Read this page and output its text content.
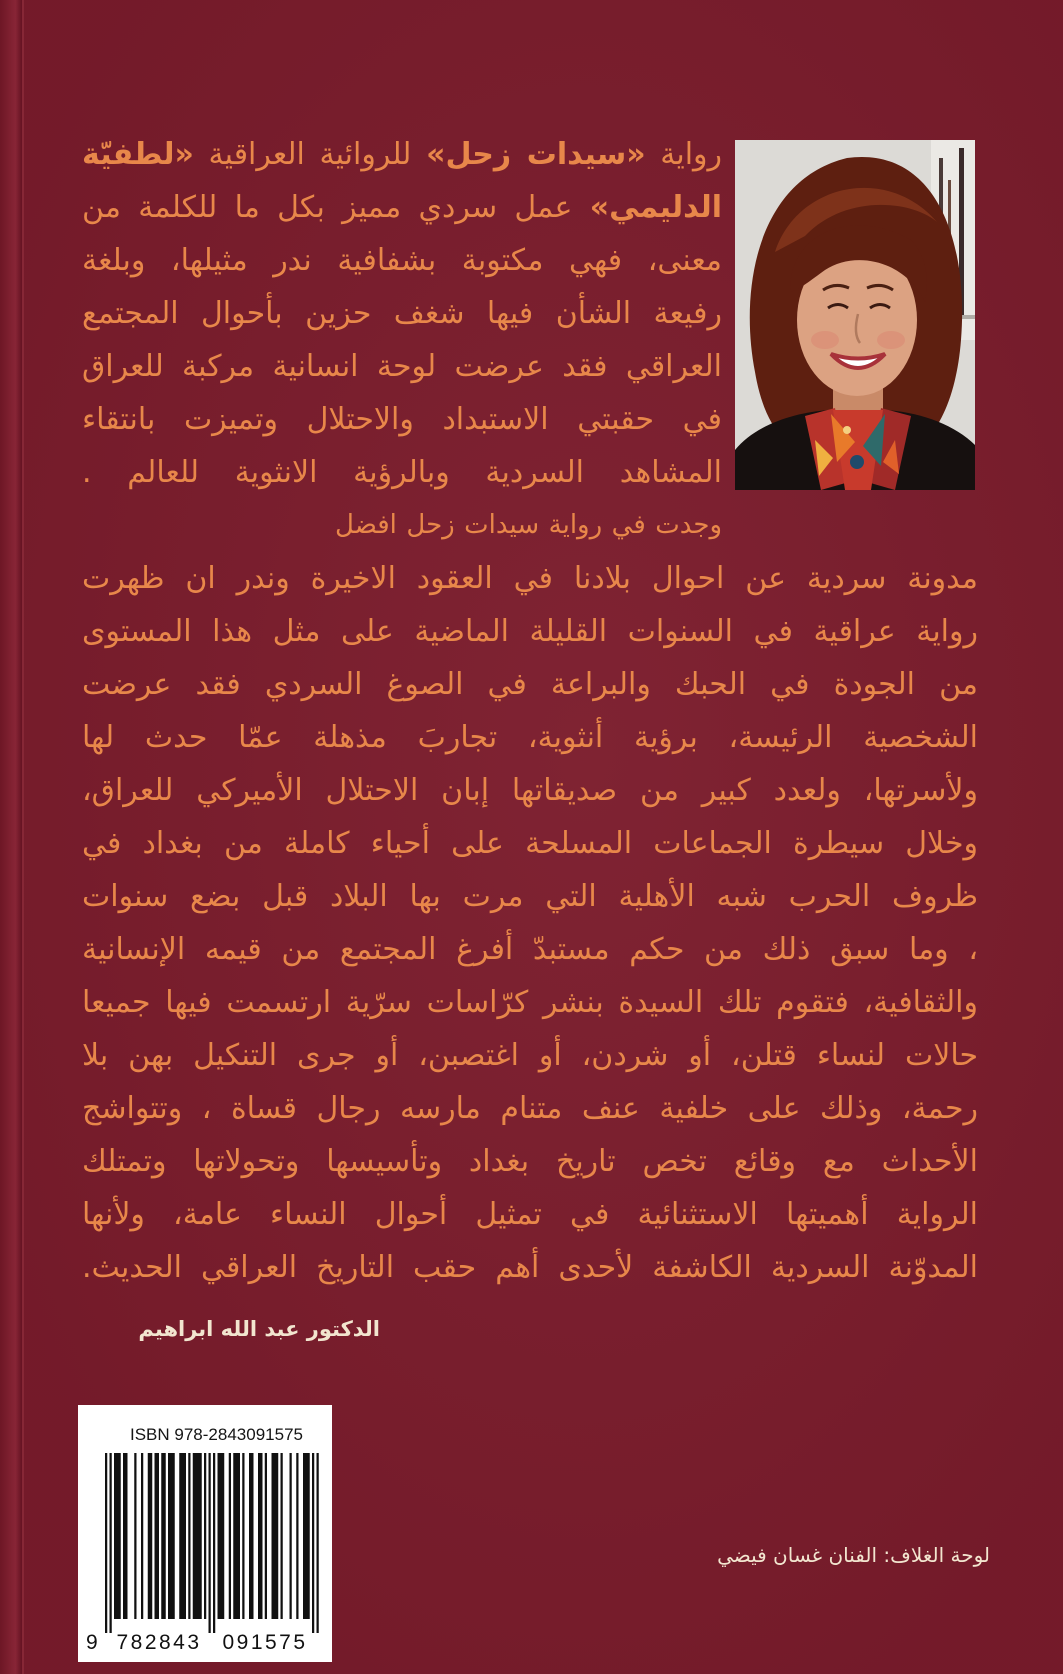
رواية «سيدات زحل» للروائية العراقية «لطفيّة
الدليمي» عمل سردي مميز بكل ما للكلمة من
معنى، فهي مكتوبة بشفافية ندر مثيلها، وبلغة
رفيعة الشأن فيها شغف حزين بأحوال المجتمع
العراقي فقد عرضت لوحة انسانية مركبة للعراق
في حقبتي الاستبداد والاحتلال وتميزت بانتقاء
المشاهد السردية وبالرؤية الانثوية للعالم .
وجدت في رواية سيدات زحل افضل
مدونة سردية عن احوال بلادنا في العقود الاخيرة وندر ان ظهرت
رواية عراقية في السنوات القليلة الماضية على مثل هذا المستوى
من الجودة في الحبك والبراعة في الصوغ السردي فقد عرضت
الشخصية الرئيسة، برؤية أنثوية، تجاربَ مذهلة عمّا حدث لها
ولأسرتها، ولعدد كبير من صديقاتها إبان الاحتلال الأميركي للعراق،
وخلال سيطرة الجماعات المسلحة على أحياء كاملة من بغداد في
ظروف الحرب شبه الأهلية التي مرت بها البلاد قبل بضع سنوات
، وما سبق ذلك من حكم مستبدّ أفرغ المجتمع من قيمه الإنسانية
والثقافية، فتقوم تلك السيدة بنشر كرّاسات سرّية ارتسمت فيها جميعا
حالات لنساء قتلن، أو شردن، أو اغتصبن، أو جرى التنكيل بهن بلا
رحمة، وذلك على خلفية عنف متنام مارسه رجال قساة ، وتتواشج
الأحداث مع وقائع تخص تاريخ بغداد وتأسيسها وتحولاتها وتمتلك
الرواية أهميتها الاستثنائية في تمثيل أحوال النساء عامة، ولأنها
المدوّنة السردية الكاشفة لأحدى أهم حقب التاريخ العراقي الحديث.
الدكتور عبد الله ابراهيم
لوحة الغلاف: الفنان غسان فيضي
ISBN 978-2843091575
9 782843 091575
